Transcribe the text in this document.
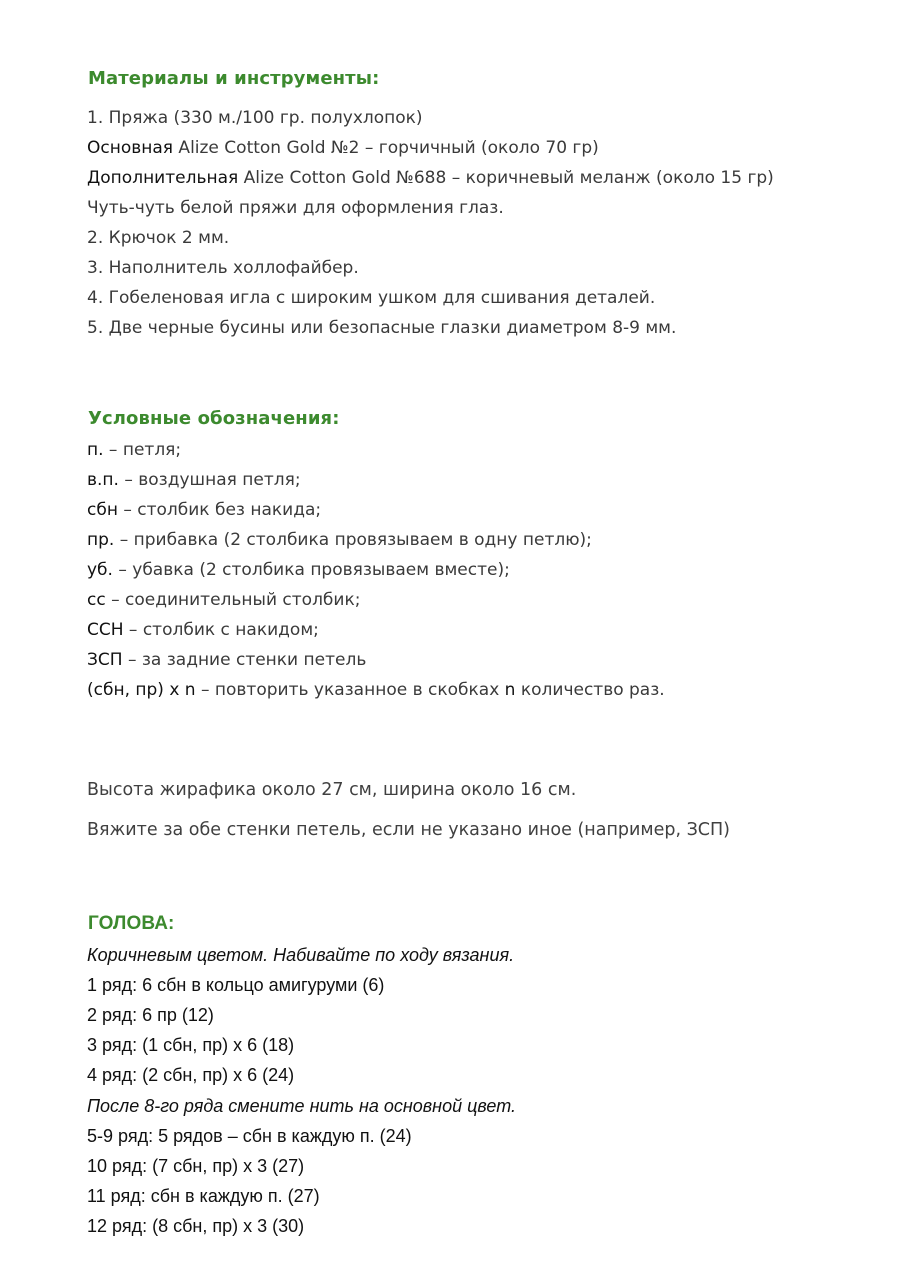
Материалы и инструменты:
1. Пряжа (330 м./100 гр. полухлопок)
Основная Alize Cotton Gold №2 – горчичный (около 70 гр)
Дополнительная Alize Cotton Gold №688 – коричневый меланж (около 15 гр)
Чуть-чуть белой пряжи для оформления глаз.
2. Крючок 2 мм.
3. Наполнитель холлофайбер.
4. Гобеленовая игла с широким ушком для сшивания деталей.
5. Две черные бусины или безопасные глазки диаметром 8-9 мм.
Условные обозначения:
п. – петля;
в.п. – воздушная петля;
сбн – столбик без накида;
пр. – прибавка (2 столбика провязываем в одну петлю);
уб. – убавка (2 столбика провязываем вместе);
сс – соединительный столбик;
ССН – столбик с накидом;
ЗСП – за задние стенки петель
(сбн, пр) х n – повторить указанное в скобках n количество раз.
Высота жирафика около 27 см, ширина около 16 см.
Вяжите за обе стенки петель, если не указано иное (например, ЗСП)
ГОЛОВА:
Коричневым цветом. Набивайте по ходу вязания.
1 ряд: 6 сбн в кольцо амигуруми (6)
2 ряд: 6 пр (12)
3 ряд: (1 сбн, пр) х 6 (18)
4 ряд: (2 сбн, пр) х 6 (24)
После 8-го ряда смените нить на основной цвет.
5-9 ряд: 5 рядов – сбн в каждую п. (24)
10 ряд: (7 сбн, пр) х 3 (27)
11 ряд: сбн в каждую п. (27)
12 ряд: (8 сбн, пр) х 3 (30)
